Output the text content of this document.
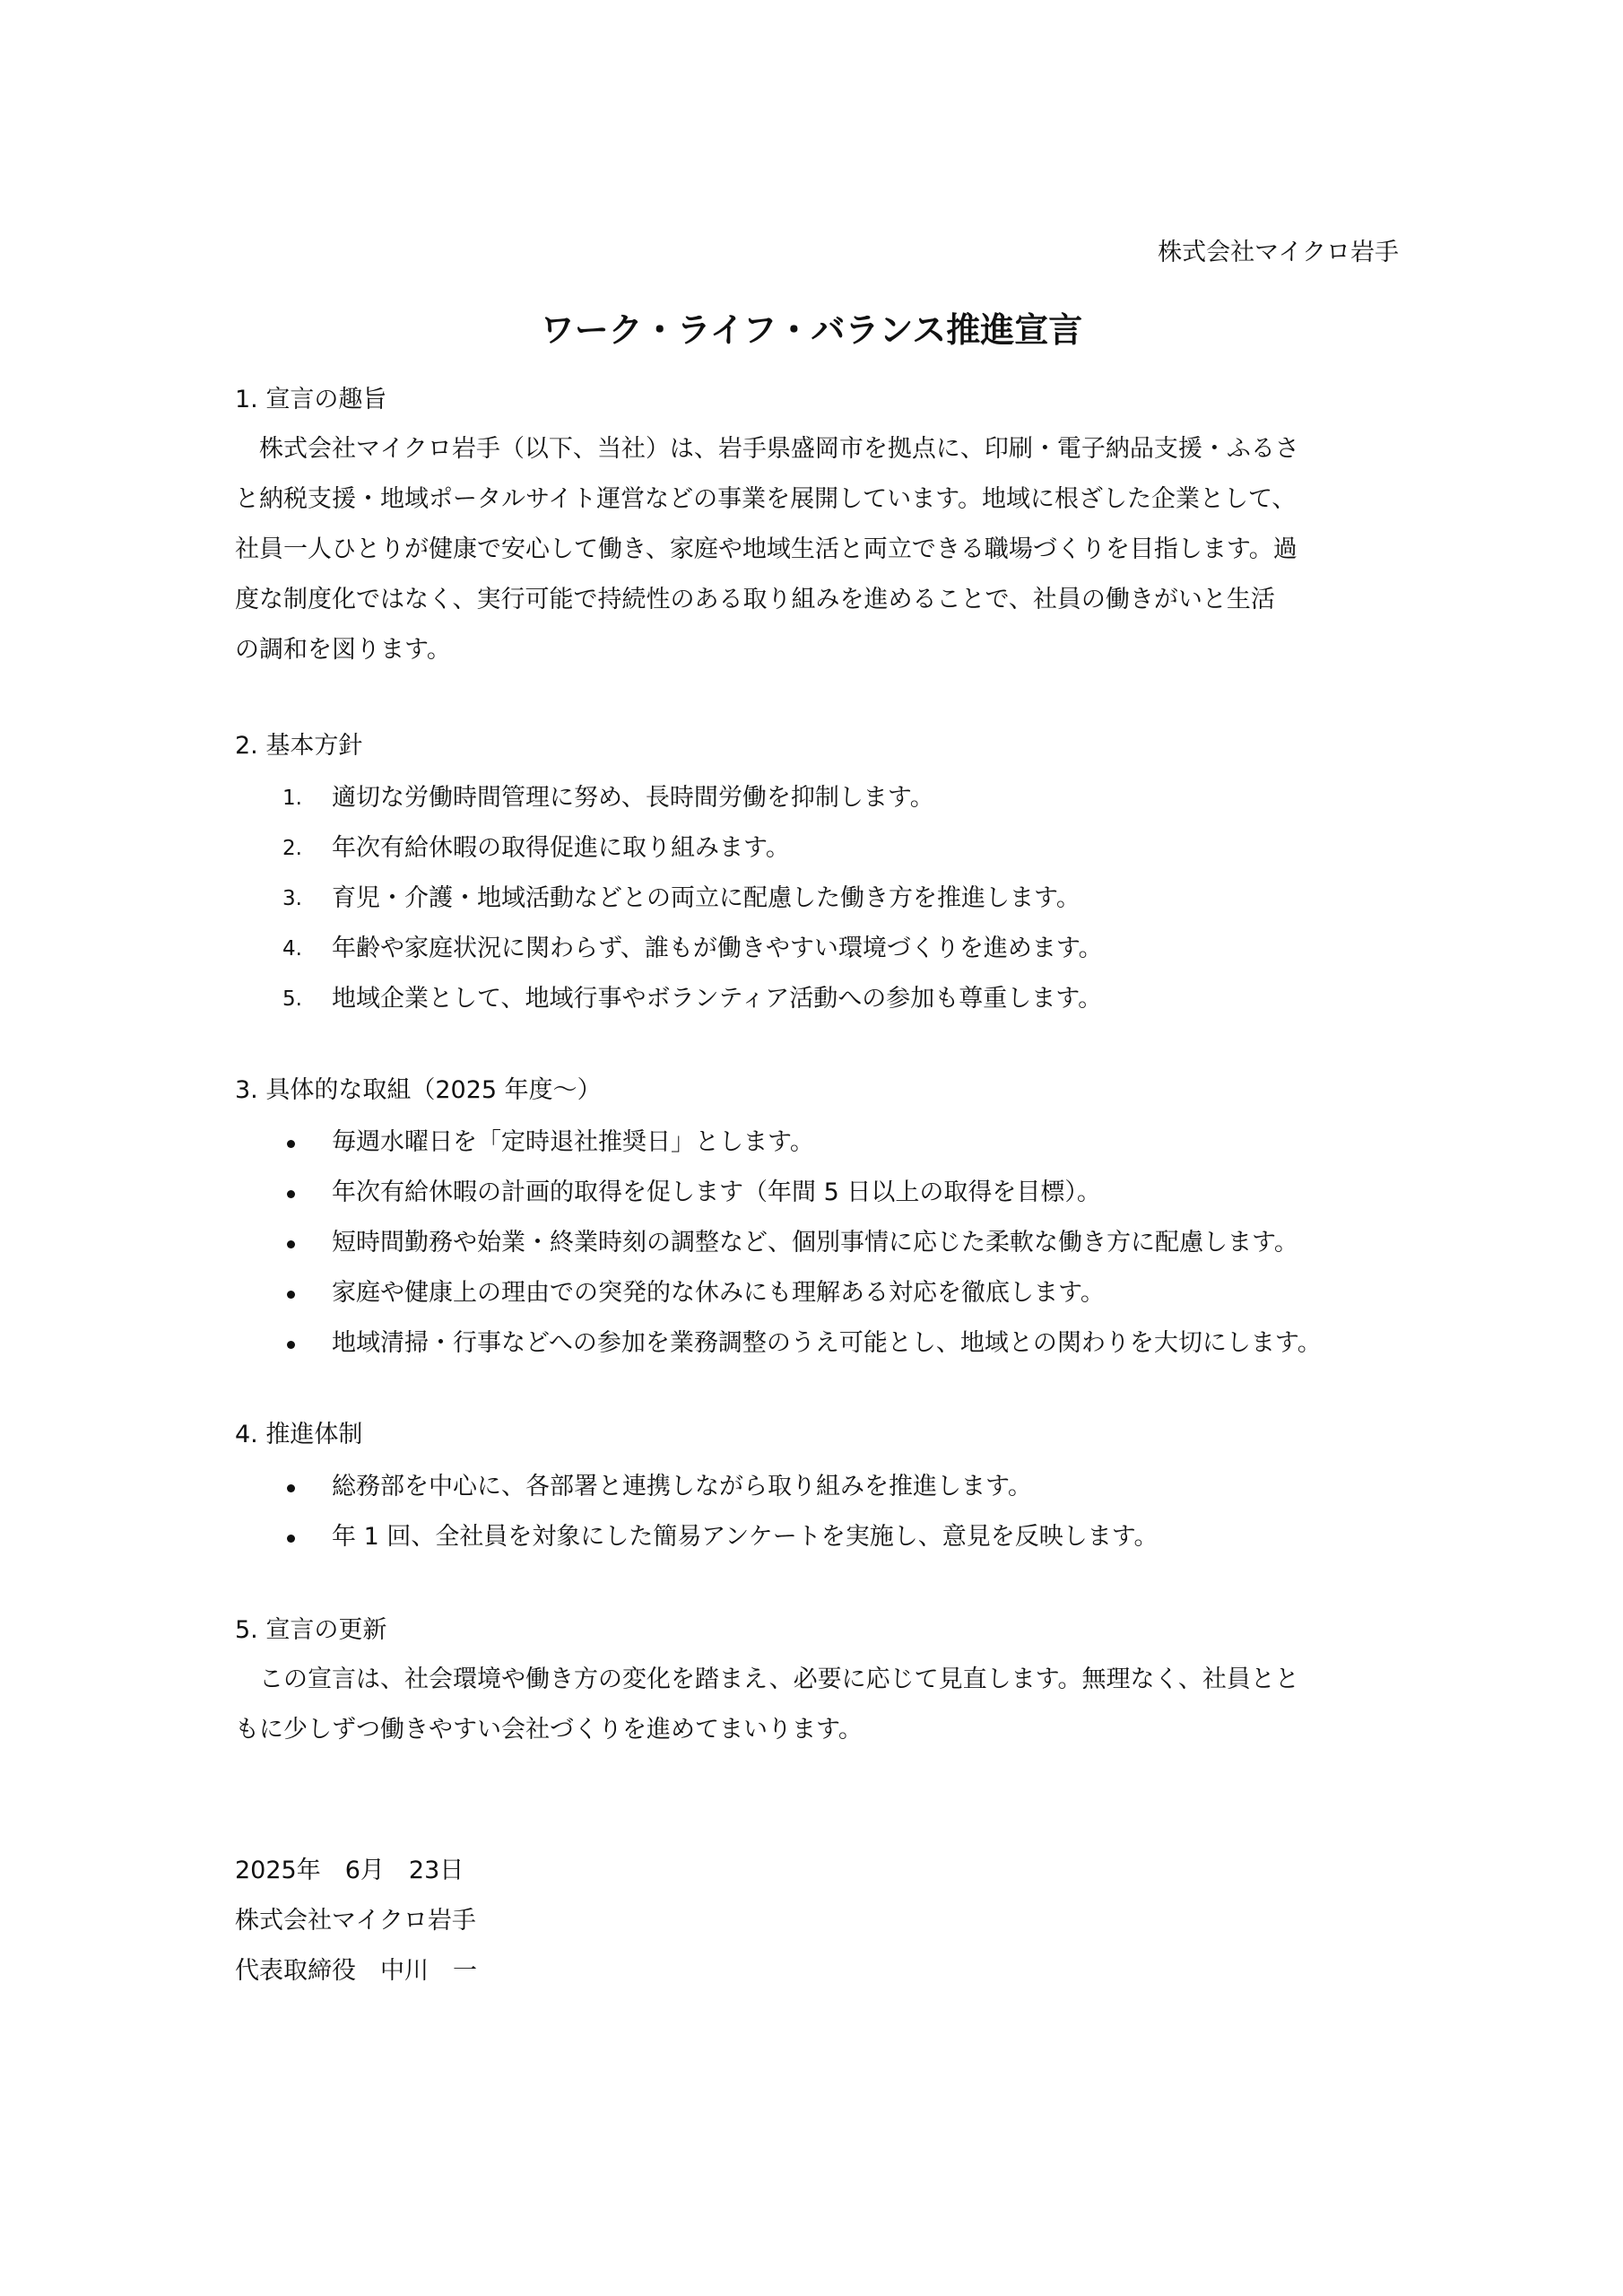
株式会社マイクロ岩手
ワーク・ライフ・バランス推進宣言
1. 宣言の趣旨
　株式会社マイクロ岩手（以下、当社）は、岩手県盛岡市を拠点に、印刷・電子納品支援・ふるさ
と納税支援・地域ポータルサイト運営などの事業を展開しています。地域に根ざした企業として、
社員一人ひとりが健康で安心して働き、家庭や地域生活と両立できる職場づくりを目指します。過
度な制度化ではなく、実行可能で持続性のある取り組みを進めることで、社員の働きがいと生活
の調和を図ります。
2. 基本方針
1. 適切な労働時間管理に努め、長時間労働を抑制します。
2. 年次有給休暇の取得促進に取り組みます。
3. 育児・介護・地域活動などとの両立に配慮した働き方を推進します。
4. 年齢や家庭状況に関わらず、誰もが働きやすい環境づくりを進めます。
5. 地域企業として、地域行事やボランティア活動への参加も尊重します。
3. 具体的な取組（2025 年度～）
毎週水曜日を「定時退社推奨日」とします。
年次有給休暇の計画的取得を促します（年間 5 日以上の取得を目標）。
短時間勤務や始業・終業時刻の調整など、個別事情に応じた柔軟な働き方に配慮します。
家庭や健康上の理由での突発的な休みにも理解ある対応を徹底します。
地域清掃・行事などへの参加を業務調整のうえ可能とし、地域との関わりを大切にします。
4. 推進体制
総務部を中心に、各部署と連携しながら取り組みを推進します。
年 1 回、全社員を対象にした簡易アンケートを実施し、意見を反映します。
5. 宣言の更新
　この宣言は、社会環境や働き方の変化を踏まえ、必要に応じて見直します。無理なく、社員とと
もに少しずつ働きやすい会社づくりを進めてまいります。
2025年　6月　23日
株式会社マイクロ岩手
代表取締役　中川　一
